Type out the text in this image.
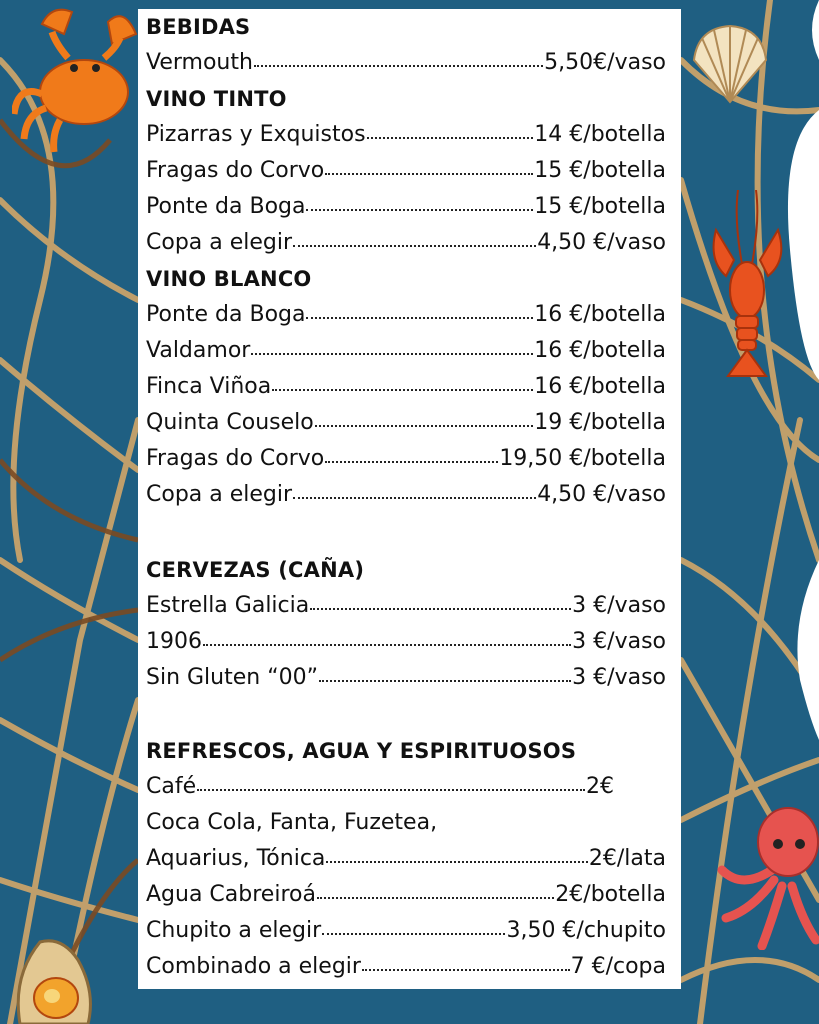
BEBIDAS
Vermouth	5,50€/vaso
VINO TINTO
Pizarras y Exquistos	14 €/botella
Fragas do Corvo	15 €/botella
Ponte da Boga	15 €/botella
Copa a elegir	4,50 €/vaso
VINO BLANCO
Ponte da Boga	16 €/botella
Valdamor	16 €/botella
Finca Viñoa	16 €/botella
Quinta Couselo	19 €/botella
Fragas do Corvo	19,50 €/botella
Copa a elegir	4,50 €/vaso
CERVEZAS (CAÑA)
Estrella Galicia	3 €/vaso
1906	3 €/vaso
Sin Gluten “00”	3 €/vaso
REFRESCOS, AGUA Y ESPIRITUOSOS
Café	2€
Coca Cola, Fanta, Fuzetea,
Aquarius, Tónica	2€/lata
Agua Cabreiroá	2€/botella
Chupito a elegir	3,50 €/chupito
Combinado a elegir	7 €/copa
